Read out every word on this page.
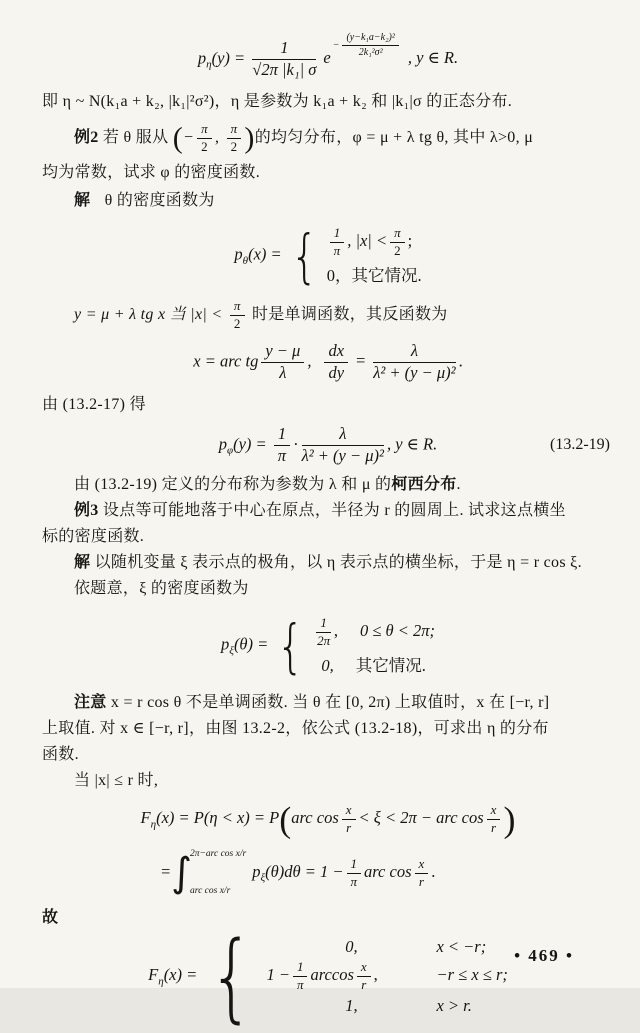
$p_\eta(y) = \frac{1}{\text{√2π |k₁| σ}} e- \frac{\text{(y−k₁a−k₂)²}}{\text{2k₁²σ²}}$ , y ∈ R.
即 η ~ N(k₁a + k₂, |k₁|²σ²)，η 是参数为 k₁a + k₂ 和 |k₁|σ 的正态分布.
例2 若 θ 服从 (− $\frac{\pi}{2}$ , $\frac{\pi}{2}$ )的均匀分布，φ = μ + λ tg θ, 其中 λ>0, μ
均为常数，试求 φ 的密度函数.
解 θ 的密度函数为
$p_\theta(x)$ = { $\frac{1}{\pi}$ , $|x| < \frac{\pi}{2}$ ;
0，其它情况.
y = μ + λ tg x 当 $|x| < \frac{\pi}{2}$ 时是单调函数，其反函数为
x = arc tg $\frac{y - \mu}{\lambda}$ , $\frac{dx}{dy} = \frac{\lambda}{\text{λ² + (y − μ)²}}$ .
由 (13.2-17) 得
$p_\varphi(y) = \frac{1}{\pi} \cdot \frac{\lambda}{\text{λ² + (y − μ)²}}$ , y ∈ R.	(13.2-19)
由 (13.2-19) 定义的分布称为参数为 λ 和 μ 的柯西分布.
例3 设点等可能地落于中心在原点，半径为 r 的圆周上. 试求这点横坐
标的密度函数.
解 以随机变量 ξ 表示点的极角，以 η 表示点的横坐标，于是 η = r cos ξ.
依题意，ξ 的密度函数为
$p_\xi(\theta)$ = { $\frac{1}{2\pi}$ , 0 ≤ θ < 2π;
0, 其它情况.
注意 x = r cos θ 不是单调函数. 当 θ 在 [0, 2π) 上取值时，x 在 [−r, r]
上取值. 对 x ∈ [−r, r]，由图 13.2-2，依公式 (13.2-18)，可求出 η 的分布
函数.
当 |x| ≤ r 时,
$F_\eta(x) = P(\eta < x) = P(arc$ $\cos \frac{x}{r} < \xi < 2\pi$ − arc $\cos \frac{x}{r}$ )
=∫
2π−arc cos x/r
arc cos x/r
$p_\xi(\theta)d\theta = 1 - \frac{1}{\pi}$ arc $\cos \frac{x}{r}$ .
故
$F_\eta(x)$ = {	0,	x < −r;
$1 - \frac{1}{\pi}$ $\arccos \frac{x}{r}$ ,	−r ≤ x ≤ r;
1,	x > r.
• 469 •
